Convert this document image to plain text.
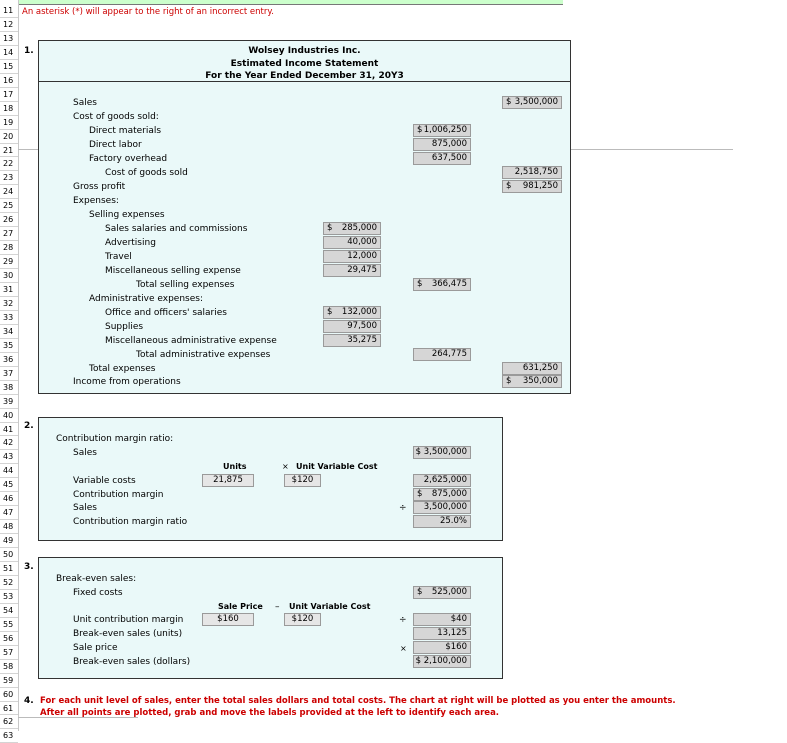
11
12
13
14
15
16
17
18
19
20
21
22
23
24
25
26
27
28
29
30
31
32
33
34
35
36
37
38
39
40
41
42
43
44
45
46
47
48
49
50
51
52
53
54
55
56
57
58
59
60
61
62
63
An asterisk (*) will appear to the right of an incorrect entry.
1.	Wolsey Industries Inc.
Estimated Income Statement
For the Year Ended December 31, 20Y3
Sales	$ 3,500,000
Cost of goods sold:
Direct materials	$ 1,006,250
Direct labor	875,000
Factory overhead	637,500
Cost of goods sold	2,518,750
Gross profit	$ 981,250
Expenses:
Selling expenses
Sales salaries and commissions	$ 285,000
Advertising	40,000
Travel	12,000
Miscellaneous selling expense	29,475
Total selling expenses	$ 366,475
Administrative expenses:
Office and officers' salaries	$ 132,000
Supplies	97,500
Miscellaneous administrative expense	35,275
Total administrative expenses	264,775
Total expenses	631,250
Income from operations	$ 350,000
2.
Contribution margin ratio:
Sales	$ 3,500,000
Units	× Unit Variable Cost
Variable costs	21,875	$120	2,625,000
Contribution margin	$ 875,000
Sales	÷	3,500,000
Contribution margin ratio	25.0%
3.
Break-even sales:
Fixed costs	$ 525,000
Sale Price – Unit Variable Cost
Unit contribution margin	$160	$120	÷	$40
Break-even sales (units)	13,125
Sale price	×	$160
Break-even sales (dollars)	$ 2,100,000
4. For each unit level of sales, enter the total sales dollars and total costs. The chart at right will be plotted as you enter the amounts.
After all points are plotted, grab and move the labels provided at the left to identify each area.
